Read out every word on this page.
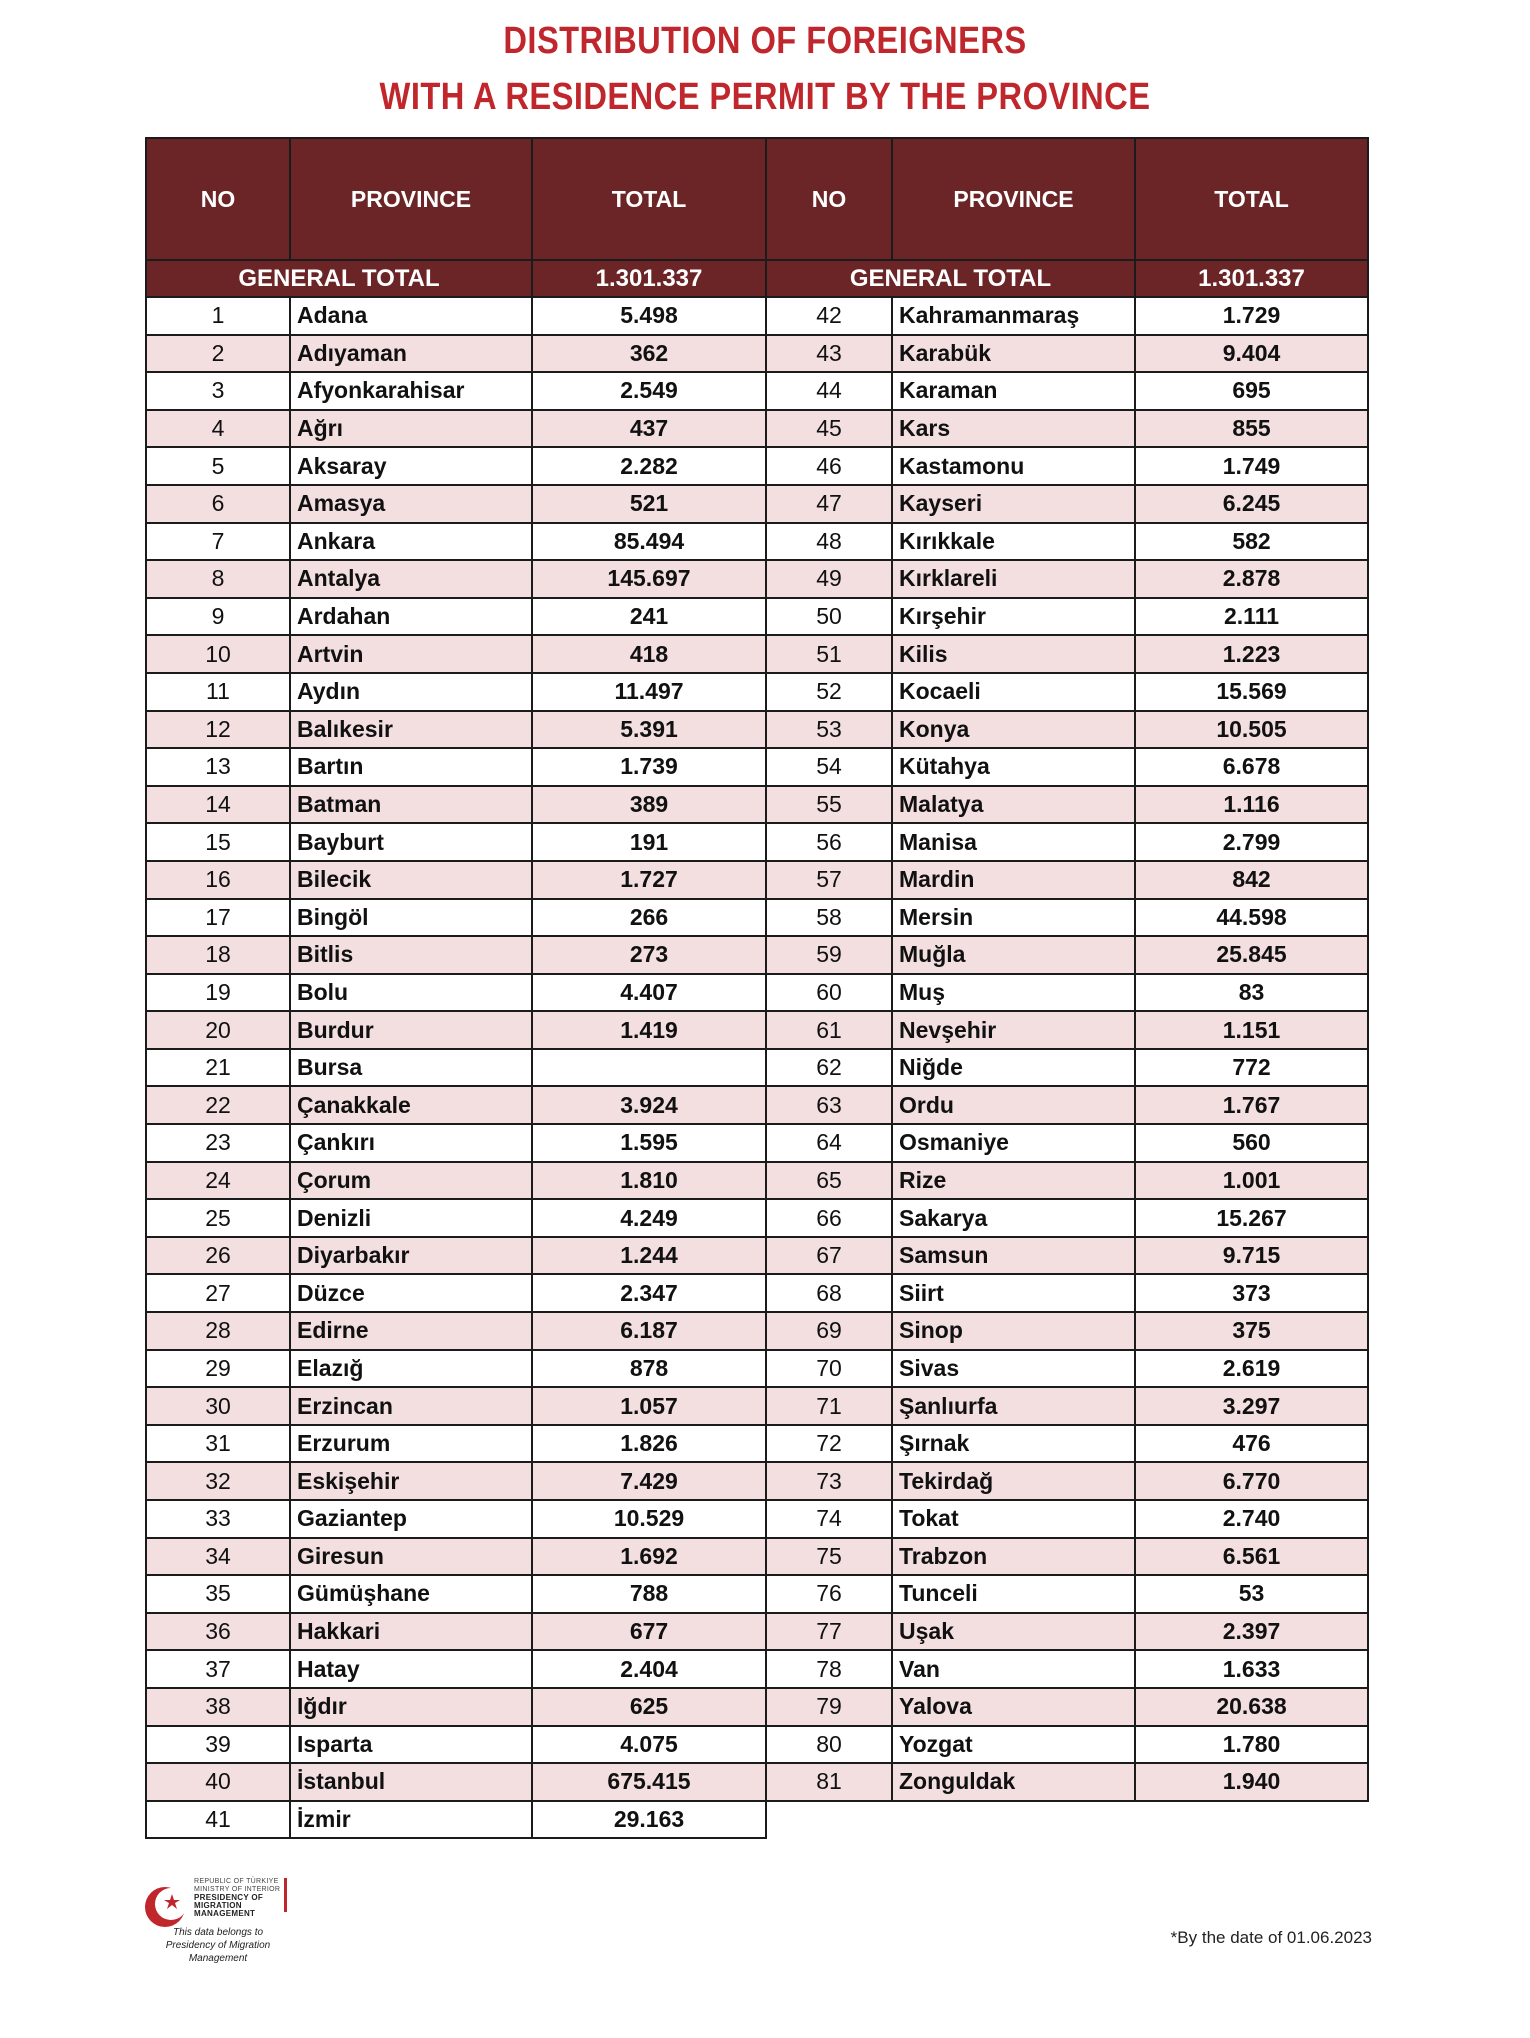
DISTRIBUTION OF FOREIGNERS
WITH A RESIDENCE PERMIT BY THE PROVINCE
NO	PROVINCE	TOTAL
GENERAL TOTAL		1.301.337
1	Adana	5.498
2	Adıyaman	362
3	Afyonkarahisar	2.549
4	Ağrı	437
5	Aksaray	2.282
6	Amasya	521
7	Ankara	85.494
8	Antalya	145.697
9	Ardahan	241
10	Artvin	418
11	Aydın	11.497
12	Balıkesir	5.391
13	Bartın	1.739
14	Batman	389
15	Bayburt	191
16	Bilecik	1.727
17	Bingöl	266
18	Bitlis	273
19	Bolu	4.407
20	Burdur	1.419
21	Bursa	
22	Çanakkale	3.924
23	Çankırı	1.595
24	Çorum	1.810
25	Denizli	4.249
26	Diyarbakır	1.244
27	Düzce	2.347
28	Edirne	6.187
29	Elazığ	878
30	Erzincan	1.057
31	Erzurum	1.826
32	Eskişehir	7.429
33	Gaziantep	10.529
34	Giresun	1.692
35	Gümüşhane	788
36	Hakkari	677
37	Hatay	2.404
38	Iğdır	625
39	Isparta	4.075
40	İstanbul	675.415
41	İzmir	29.163
NO	PROVINCE	TOTAL
GENERAL TOTAL		1.301.337
42	Kahramanmaraş	1.729
43	Karabük	9.404
44	Karaman	695
45	Kars	855
46	Kastamonu	1.749
47	Kayseri	6.245
48	Kırıkkale	582
49	Kırklareli	2.878
50	Kırşehir	2.111
51	Kilis	1.223
52	Kocaeli	15.569
53	Konya	10.505
54	Kütahya	6.678
55	Malatya	1.116
56	Manisa	2.799
57	Mardin	842
58	Mersin	44.598
59	Muğla	25.845
60	Muş	83
61	Nevşehir	1.151
62	Niğde	772
63	Ordu	1.767
64	Osmaniye	560
65	Rize	1.001
66	Sakarya	15.267
67	Samsun	9.715
68	Siirt	373
69	Sinop	375
70	Sivas	2.619
71	Şanlıurfa	3.297
72	Şırnak	476
73	Tekirdağ	6.770
74	Tokat	2.740
75	Trabzon	6.561
76	Tunceli	53
77	Uşak	2.397
78	Van	1.633
79	Yalova	20.638
80	Yozgat	1.780
81	Zonguldak	1.940
REPUBLIC OF TÜRKIYE
MINISTRY OF INTERIOR
PRESIDENCY OF
MIGRATION MANAGEMENT
This data belongs to
Presidency of Migration Management
*By the date of 01.06.2023
